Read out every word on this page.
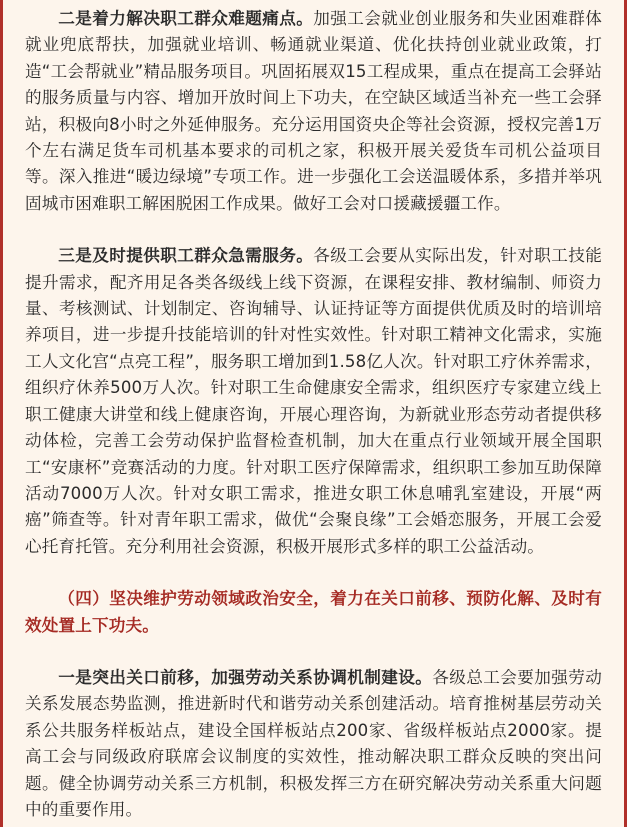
二是着力解决职工群众难题痛点。加强工会就业创业服务和失业困难群体就业兜底帮扶，加强就业培训、畅通就业渠道、优化扶持创业就业政策，打造“工会帮就业”精品服务项目。巩固拓展双15工程成果，重点在提高工会驿站的服务质量与内容、增加开放时间上下功夫，在空缺区域适当补充一些工会驿站，积极向8小时之外延伸服务。充分运用国资央企等社会资源，授权完善1万个左右满足货车司机基本要求的司机之家，积极开展关爱货车司机公益项目等。深入推进“暖边绿境”专项工作。进一步强化工会送温暖体系，多措并举巩固城市困难职工解困脱困工作成果。做好工会对口援藏援疆工作。

三是及时提供职工群众急需服务。各级工会要从实际出发，针对职工技能提升需求，配齐用足各类各级线上线下资源，在课程安排、教材编制、师资力量、考核测试、计划制定、咨询辅导、认证持证等方面提供优质及时的培训培养项目，进一步提升技能培训的针对性实效性。针对职工精神文化需求，实施工人文化宫“点亮工程”，服务职工增加到1.58亿人次。针对职工疗休养需求，组织疗休养500万人次。针对职工生命健康安全需求，组织医疗专家建立线上职工健康大讲堂和线上健康咨询，开展心理咨询，为新就业形态劳动者提供移动体检，完善工会劳动保护监督检查机制，加大在重点行业领域开展全国职工“安康杯”竞赛活动的力度。针对职工医疗保障需求，组织职工参加互助保障活动7000万人次。针对女职工需求，推进女职工休息哺乳室建设，开展“两癌”筛查等。针对青年职工需求，做优“会聚良缘”工会婚恋服务，开展工会爱心托育托管。充分利用社会资源，积极开展形式多样的职工公益活动。

（四）坚决维护劳动领域政治安全，着力在关口前移、预防化解、及时有效处置上下功夫。

一是突出关口前移，加强劳动关系协调机制建设。各级总工会要加强劳动关系发展态势监测，推进新时代和谐劳动关系创建活动。培育推树基层劳动关系公共服务样板站点，建设全国样板站点200家、省级样板站点2000家。提高工会与同级政府联席会议制度的实效性，推动解决职工群众反映的突出问题。健全协调劳动关系三方机制，积极发挥三方在研究解决劳动关系重大问题中的重要作用。
